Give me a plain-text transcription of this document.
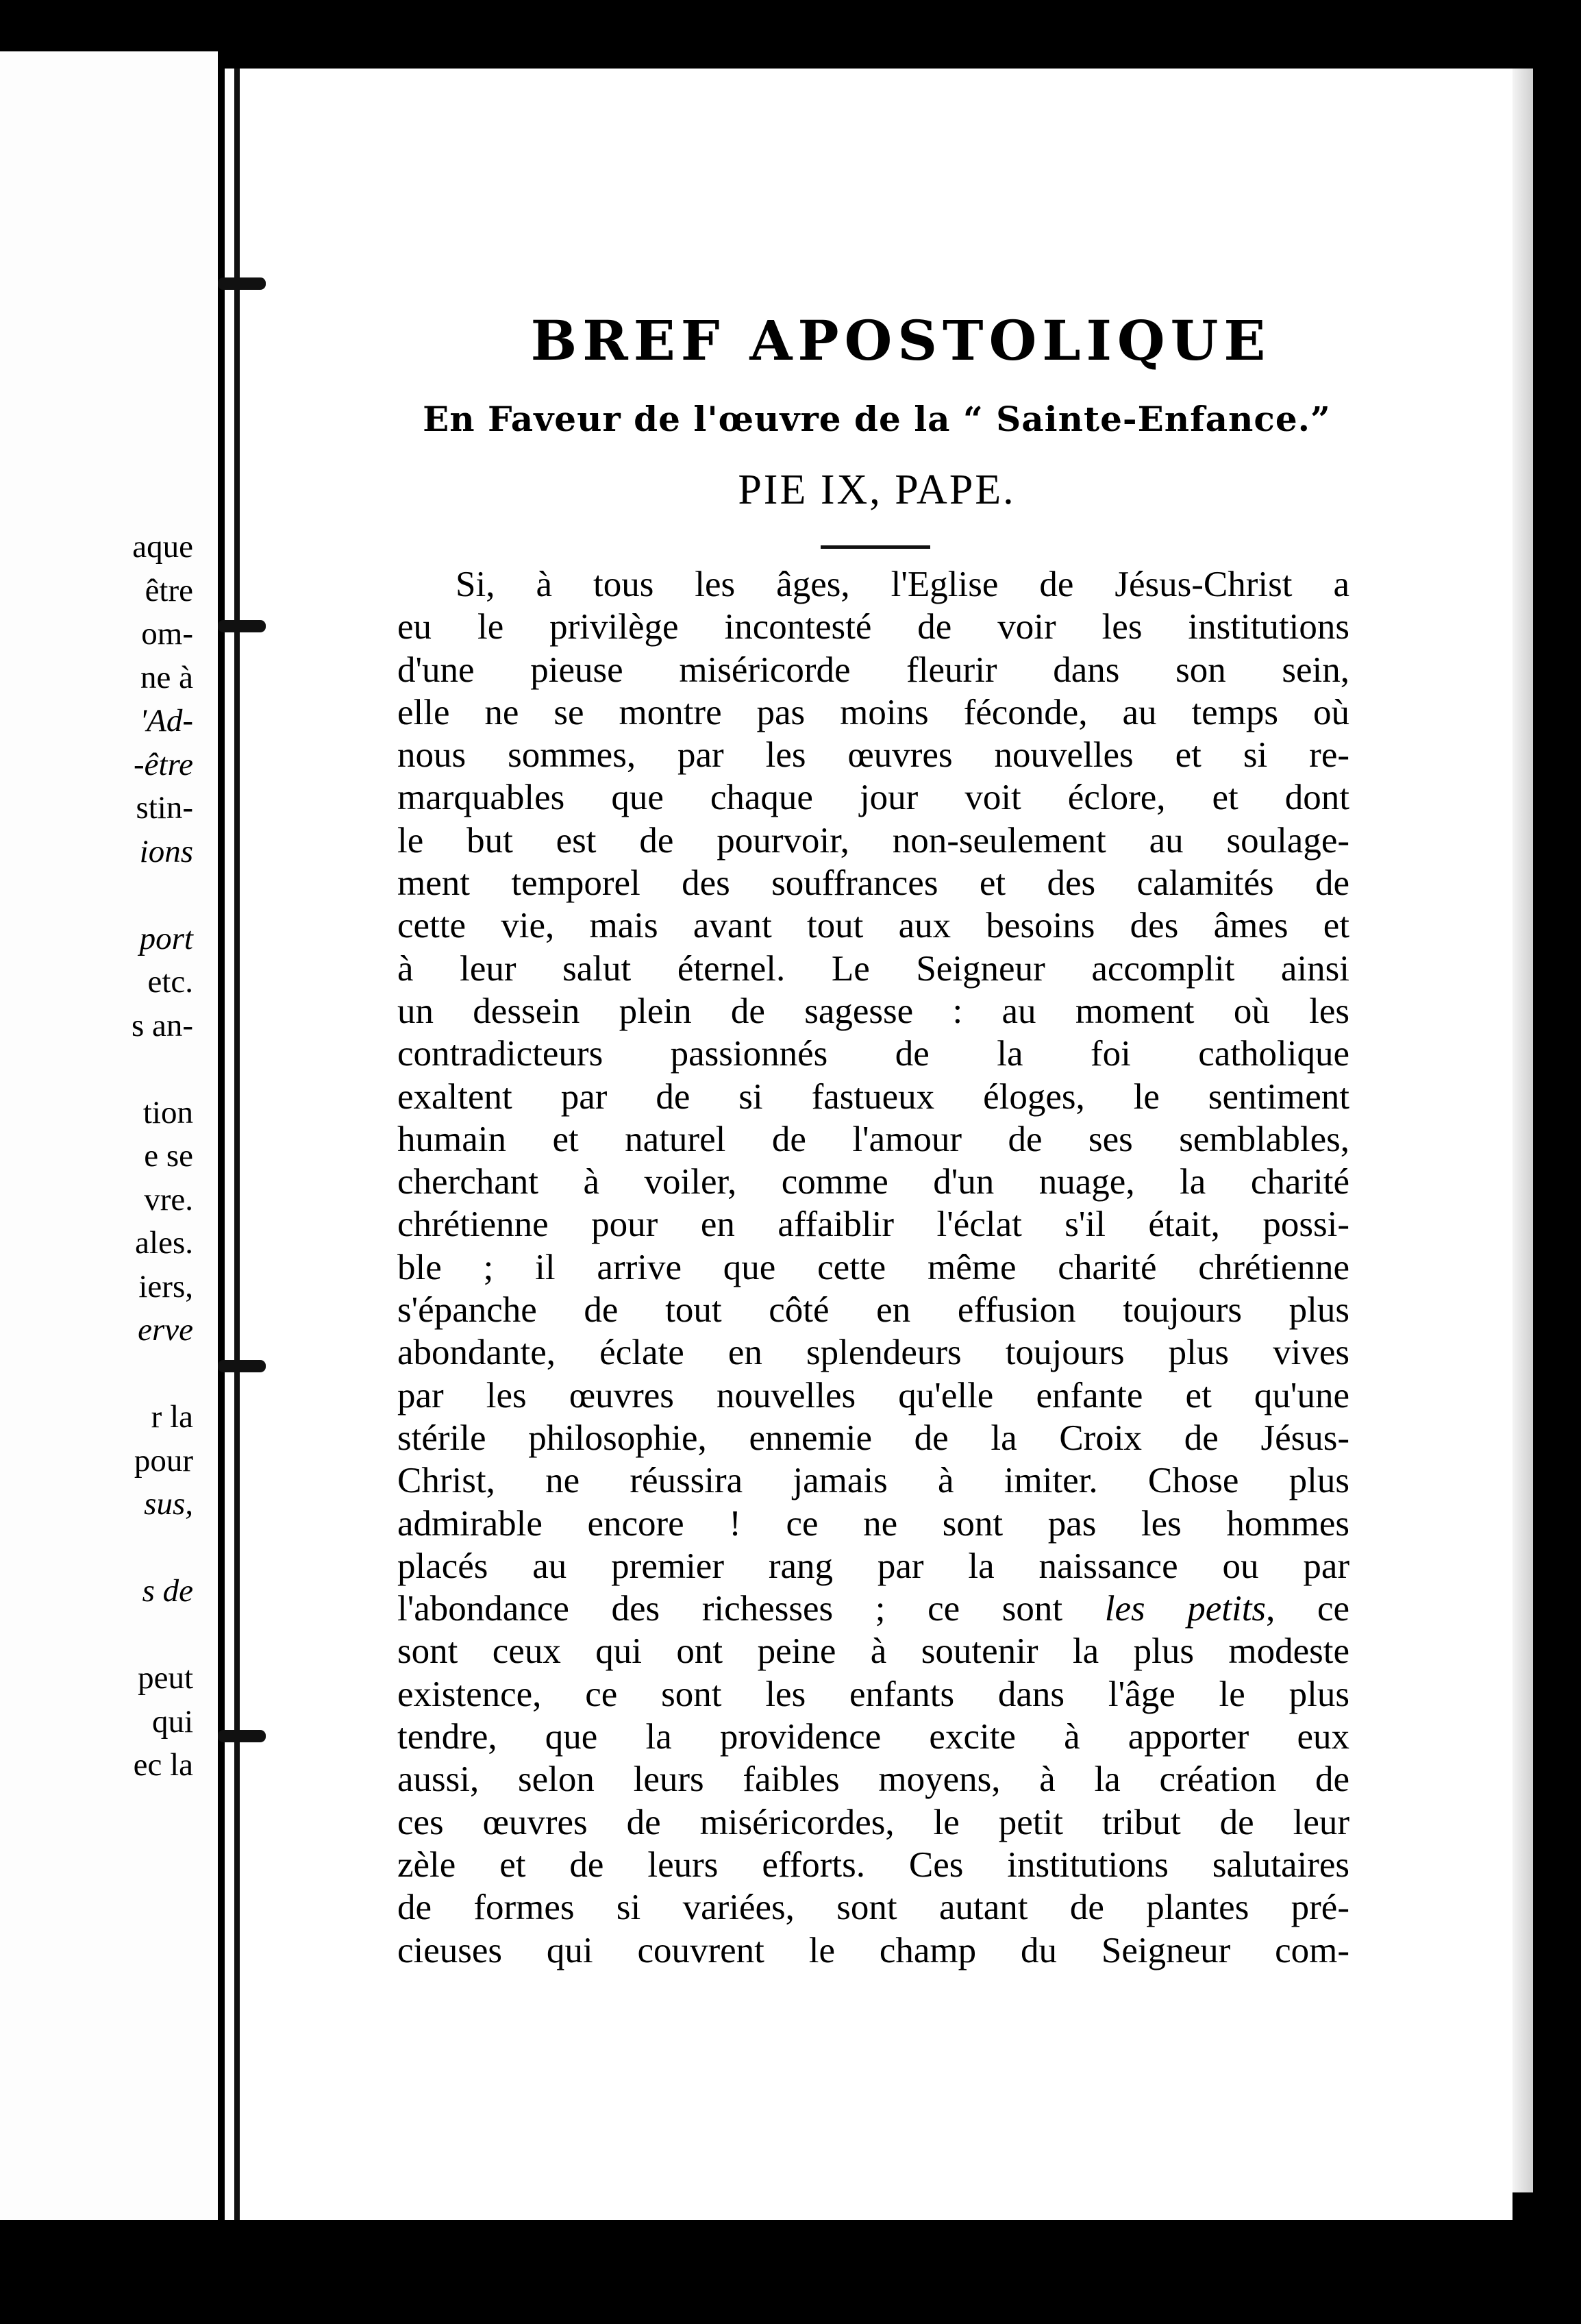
aque
être
om-
ne à
'Ad-
-être
stin-
ions
port
etc.
s an-
tion
e se
vre.
ales.
iers,
erve
r la
pour
sus,
s de
peut
qui
ec la
BREF APOSTOLIQUE
En Faveur de l'œuvre de la “ Sainte-Enfance.”
PIE IX, PAPE.
Si, à tous les âges, l'Eglise de Jésus-Christ a
eu le privilège incontesté de voir les institutions
d'une pieuse miséricorde fleurir dans son sein,
elle ne se montre pas moins féconde, au temps où
nous sommes, par les œuvres nouvelles et si re-
marquables que chaque jour voit éclore, et dont
le but est de pourvoir, non-seulement au soulage-
ment temporel des souffrances et des calamités de
cette vie, mais avant tout aux besoins des âmes et
à leur salut éternel. Le Seigneur accomplit ainsi
un dessein plein de sagesse : au moment où les
contradicteurs passionnés de la foi catholique
exaltent par de si fastueux éloges, le sentiment
humain et naturel de l'amour de ses semblables,
cherchant à voiler, comme d'un nuage, la charité
chrétienne pour en affaiblir l'éclat s'il était, possi-
ble ; il arrive que cette même charité chrétienne
s'épanche de tout côté en effusion toujours plus
abondante, éclate en splendeurs toujours plus vives
par les œuvres nouvelles qu'elle enfante et qu'une
stérile philosophie, ennemie de la Croix de Jésus-
Christ, ne réussira jamais à imiter. Chose plus
admirable encore ! ce ne sont pas les hommes
placés au premier rang par la naissance ou par
l'abondance des richesses ; ce sont les petits, ce
sont ceux qui ont peine à soutenir la plus modeste
existence, ce sont les enfants dans l'âge le plus
tendre, que la providence excite à apporter eux
aussi, selon leurs faibles moyens, à la création de
ces œuvres de miséricordes, le petit tribut de leur
zèle et de leurs efforts. Ces institutions salutaires
de formes si variées, sont autant de plantes pré-
cieuses qui couvrent le champ du Seigneur com-
